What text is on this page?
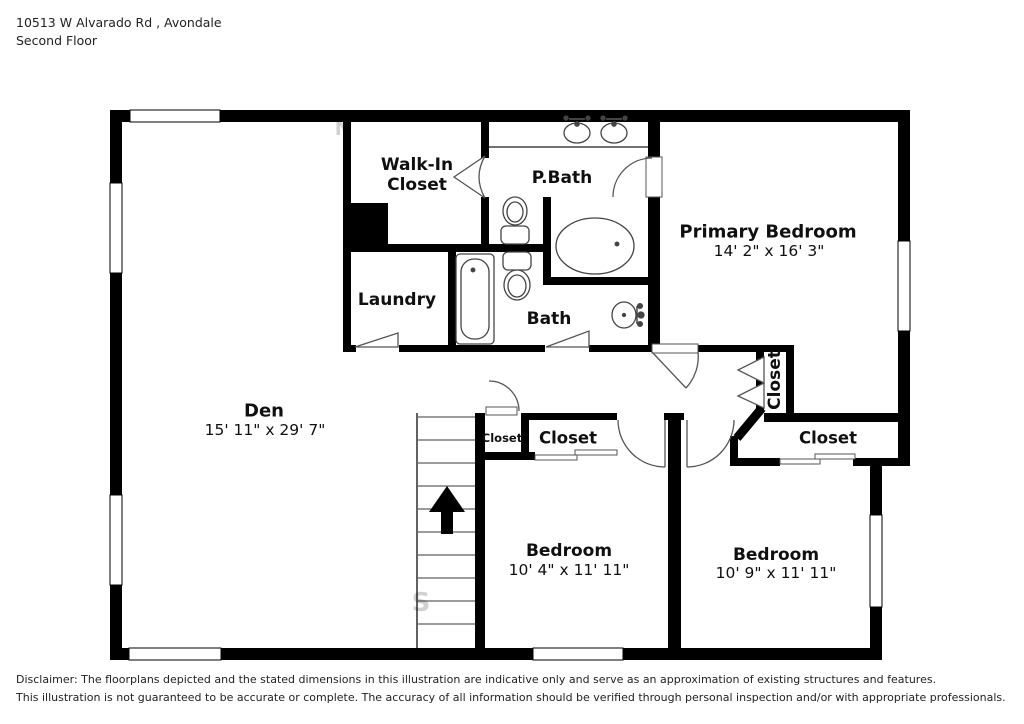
10513 W Alvarado Rd , Avondale
Second Floor
N
S
Den
15' 11" x 29' 7"
Walk-In
Closet	P.Bath
Laundry
Bath
Primary Bedroom
14' 2" x 16' 3"
Bedroom
10' 4" x 11' 11"
Bedroom
10' 9" x 11' 11"
Closet Closet	Closet
Closet
Disclaimer: The floorplans depicted and the stated dimensions in this illustration are indicative only and serve as an approximation of existing structures and features.
This illustration is not guaranteed to be accurate or complete. The accuracy of all information should be verified through personal inspection and/or with appropriate professionals.
